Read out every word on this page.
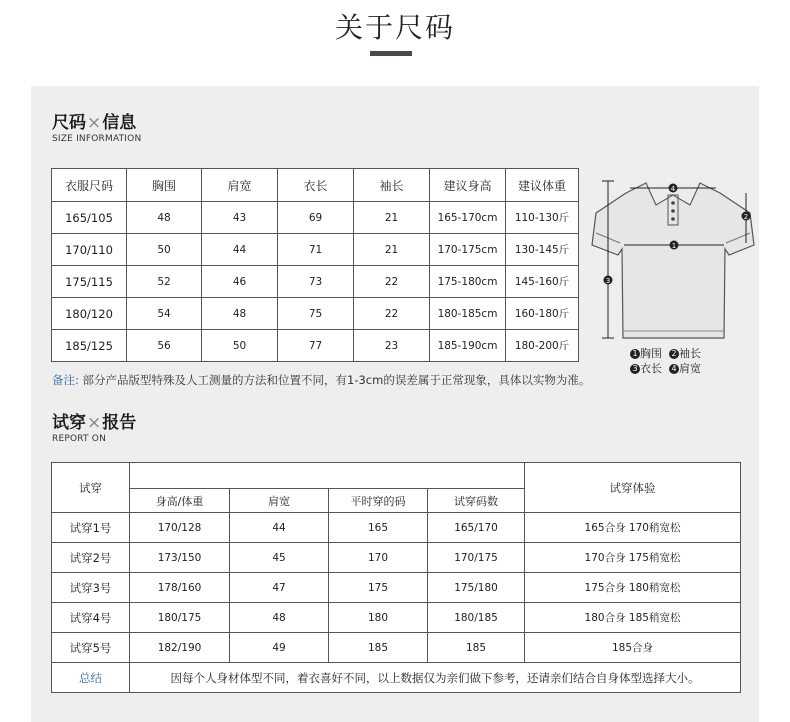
关于尺码
尺码×信息
SIZE INFORMATION
衣服尺码	胸围	肩宽	衣长	袖长	建议身高	建议体重
165/105	48	43	69	21	165-170cm	110-130斤
170/110	50	44	71	21	170-175cm	130-145斤
175/115	52	46	73	22	175-180cm	145-160斤
180/120	54	48	75	22	180-185cm	160-180斤
185/125	56	50	77	23	185-190cm	180-200斤
备注: 部分产品版型特殊及人工测量的方法和位置不同，有1-3cm的误差属于正常现象，具体以实物为准。
4
1
3
2
1 胸围 2 袖长
3 衣长 4 肩宽
试穿×报告
REPORT ON
试穿					试穿体验
	身高/体重	肩宽	平时穿的码	试穿码数	
试穿1号	170/128	44	165	165/170	165合身 170稍宽松
试穿2号	173/150	45	170	170/175	170合身 175稍宽松
试穿3号	178/160	47	175	175/180	175合身 180稍宽松
试穿4号	180/175	48	180	180/185	180合身 185稍宽松
试穿5号	182/190	49	185	185	185合身
总结	因每个人身材体型不同，着衣喜好不同，以上数据仅为亲们做下参考，还请亲们结合自身体型选择大小。				
